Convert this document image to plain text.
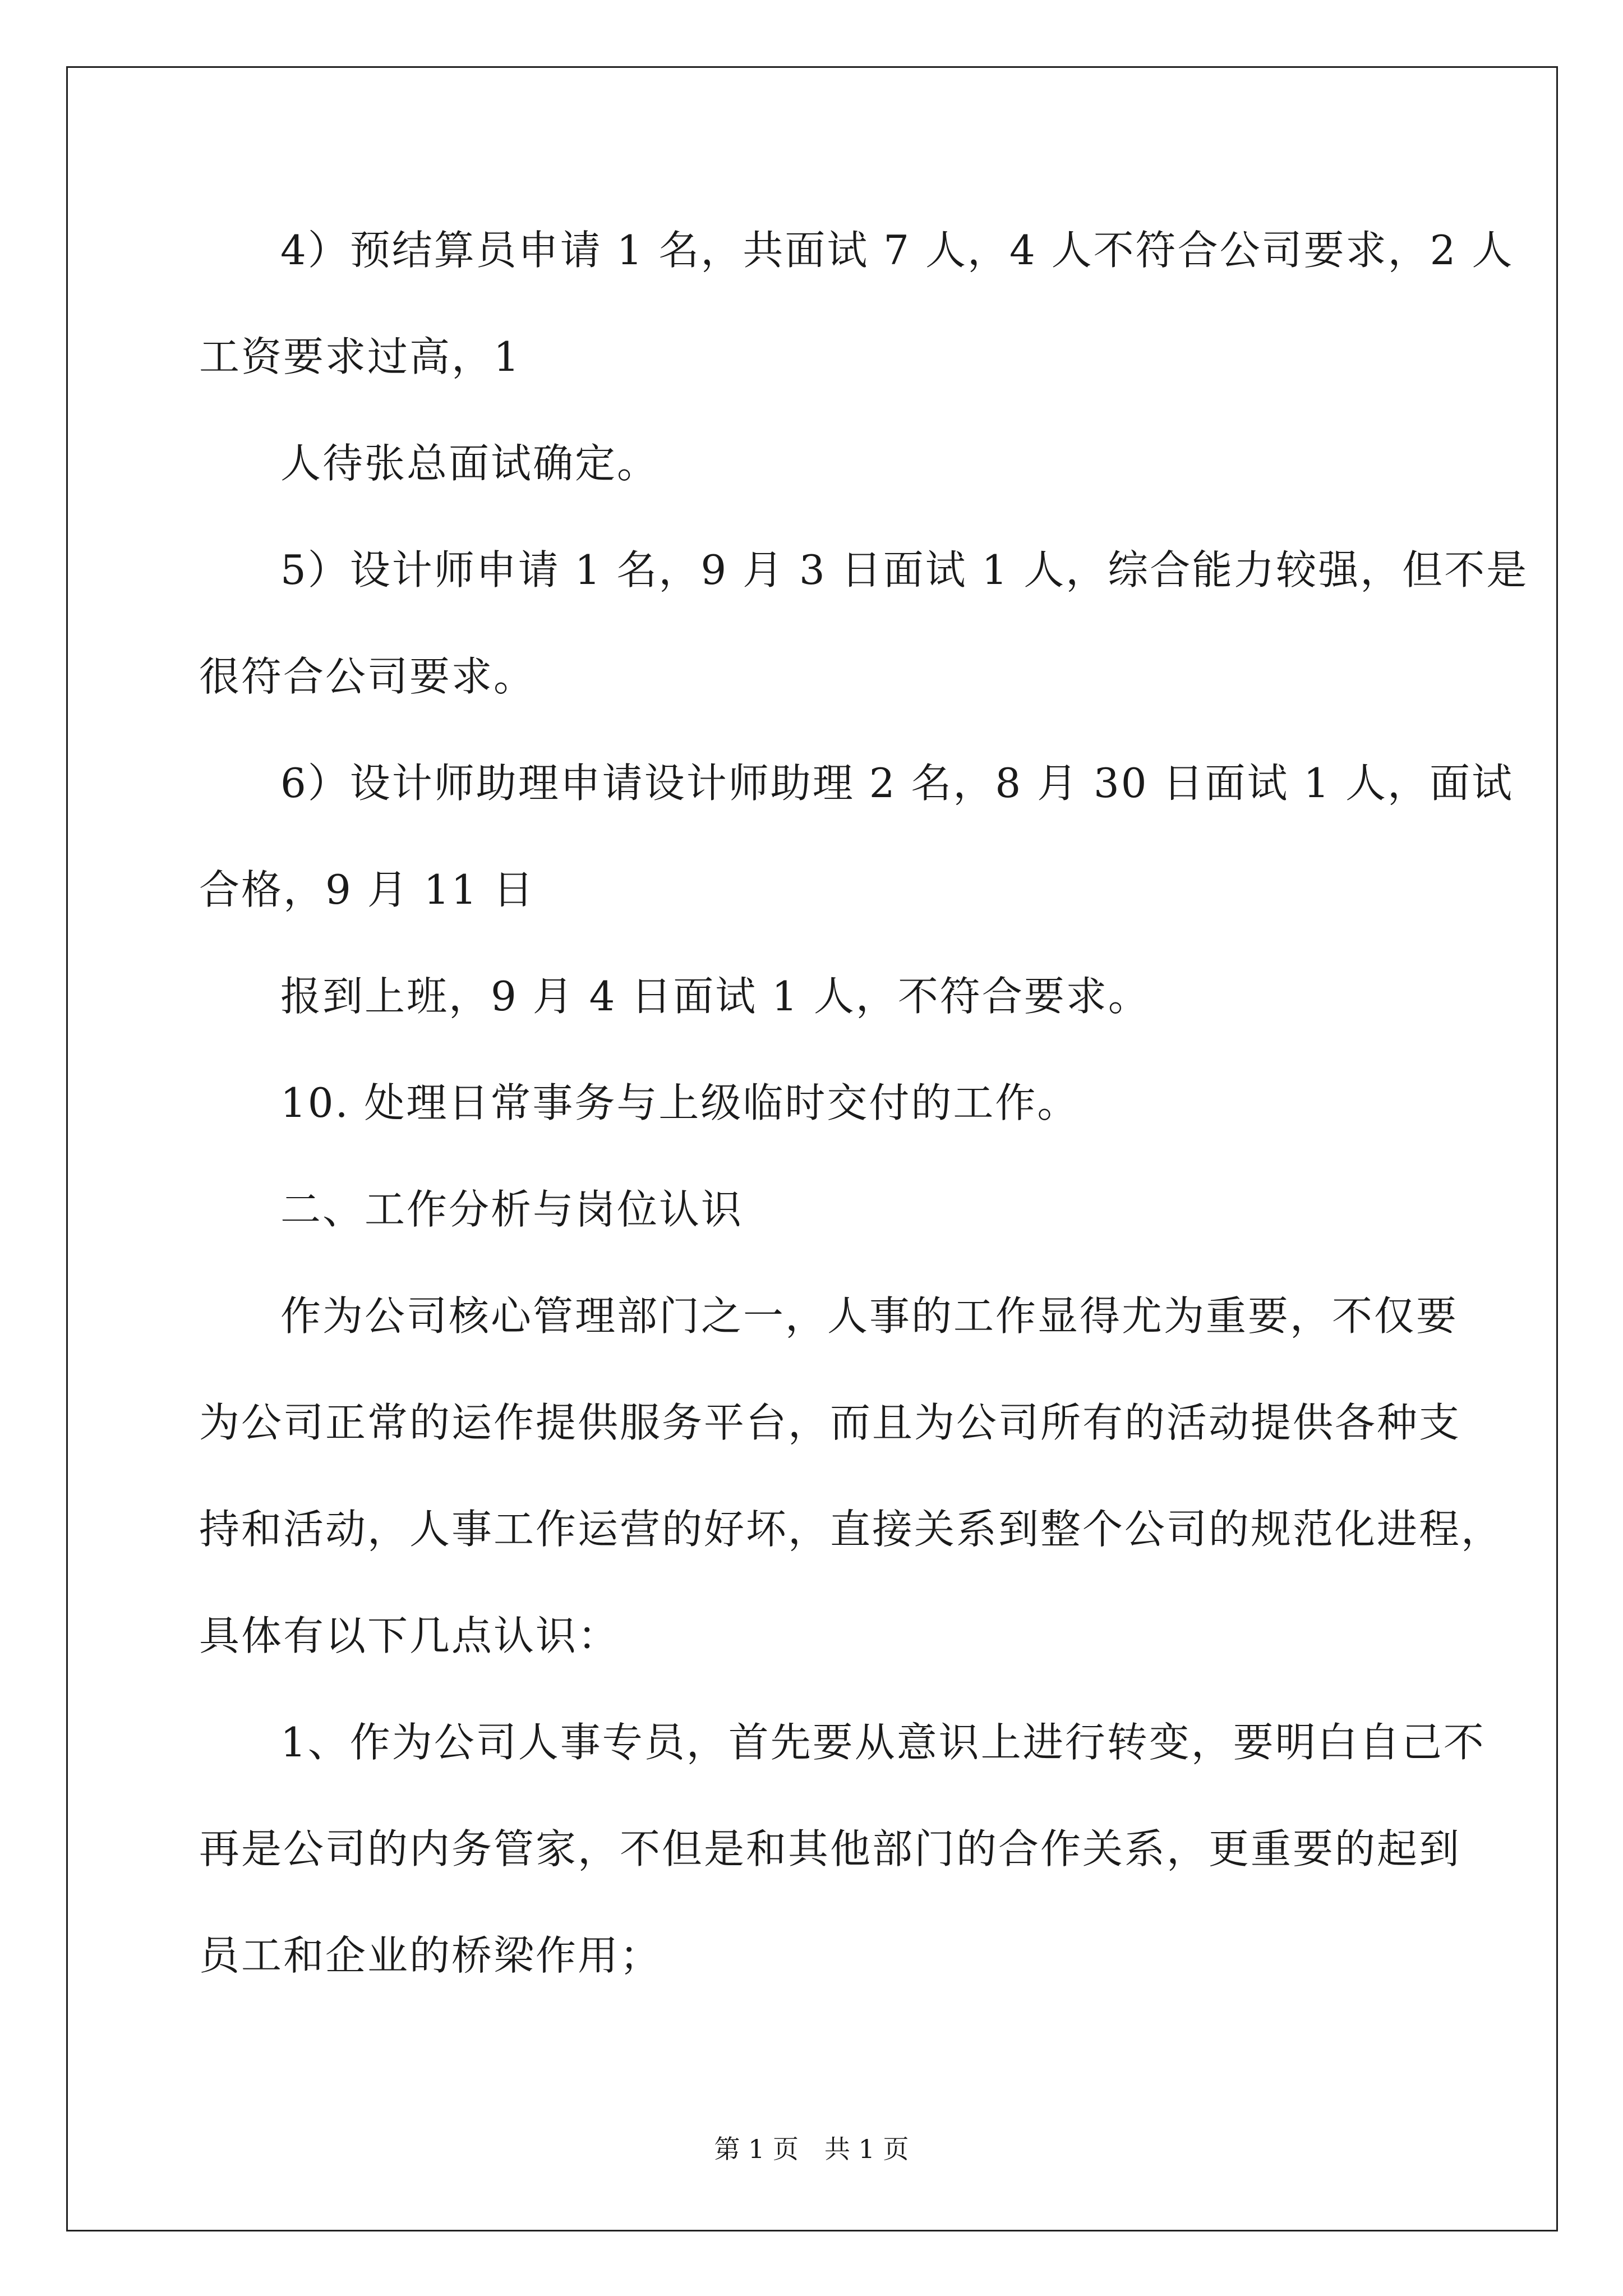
4）预结算员申请 1 名，共面试 7 人，4 人不符合公司要求，2 人
工资要求过高，1
人待张总面试确定。
5）设计师申请 1 名，9 月 3 日面试 1 人，综合能力较强，但不是
很符合公司要求。
6）设计师助理申请设计师助理 2 名，8 月 30 日面试 1 人，面试
合格，9 月 11 日
报到上班，9 月 4 日面试 1 人，不符合要求。
10. 处理日常事务与上级临时交付的工作。
二、工作分析与岗位认识
作为公司核心管理部门之一，人事的工作显得尤为重要，不仅要
为公司正常的运作提供服务平台，而且为公司所有的活动提供各种支
持和活动，人事工作运营的好坏，直接关系到整个公司的规范化进程，
具体有以下几点认识：
1、作为公司人事专员，首先要从意识上进行转变，要明白自己不
再是公司的内务管家，不但是和其他部门的合作关系，更重要的起到
员工和企业的桥梁作用；
第 1 页　共 1 页
